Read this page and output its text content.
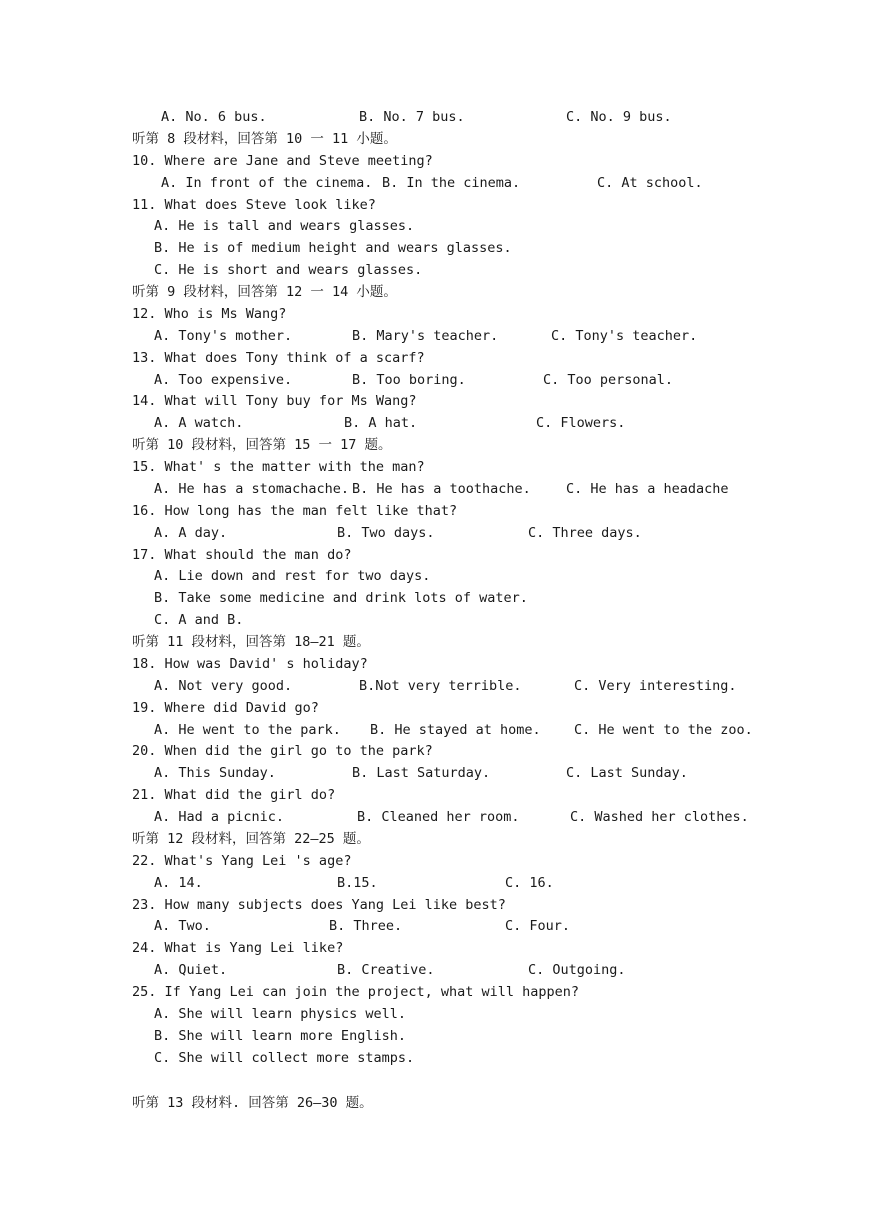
A. No. 6 bus.	B. No. 7 bus.	C. No. 9 bus.
听第 8 段材料，回答第 10 一 11 小题。
10. Where are Jane and Steve meeting?
A. In front of the cinema. B. In the cinema.	C. At school.
11. What does Steve look like?
A. He is tall and wears glasses.
B. He is of medium height and wears glasses.
C. He is short and wears glasses.
听第 9 段材料，回答第 12 一 14 小题。
12. Who is Ms Wang?
A. Tony's mother.	B. Mary's teacher.	C. Tony's teacher.
13. What does Tony think of a scarf?
A. Too expensive.	B. Too boring.	C. Too personal.
14. What will Tony buy for Ms Wang?
A. A watch.	B. A hat.	C. Flowers.
听第 10 段材料，回答第 15 一 17 题。
15. What' s the matter with the man?
A. He has a stomachache. B. He has a toothache.	C. He has a headache
16. How long has the man felt like that?
A. A day.	B. Two days.	C. Three days.
17. What should the man do?
A. Lie down and rest for two days.
B. Take some medicine and drink lots of water.
C. A and B.
听第 11 段材料，回答第 18—21 题。
18. How was David' s holiday?
A. Not very good.	B.Not very terrible.	C. Very interesting.
19. Where did David go?
A. He went to the park. B. He stayed at home. C. He went to the zoo.
20. When did the girl go to the park?
A. This Sunday.	B. Last Saturday.	C. Last Sunday.
21. What did the girl do?
A. Had a picnic.	B. Cleaned her room.	C. Washed her clothes.
听第 12 段材料，回答第 22—25 题。
22. What's Yang Lei 's age?
A. 14.	B.15.	C. 16.
23. How many subjects does Yang Lei like best?
A. Two.	B. Three.	C. Four.
24. What is Yang Lei like?
A. Quiet.	B. Creative.	C. Outgoing.
25. If Yang Lei can join the project, what will happen?
A. She will learn physics well.
B. She will learn more English.
C. She will collect more stamps.
听第 13 段材料. 回答第 26—30 题。
